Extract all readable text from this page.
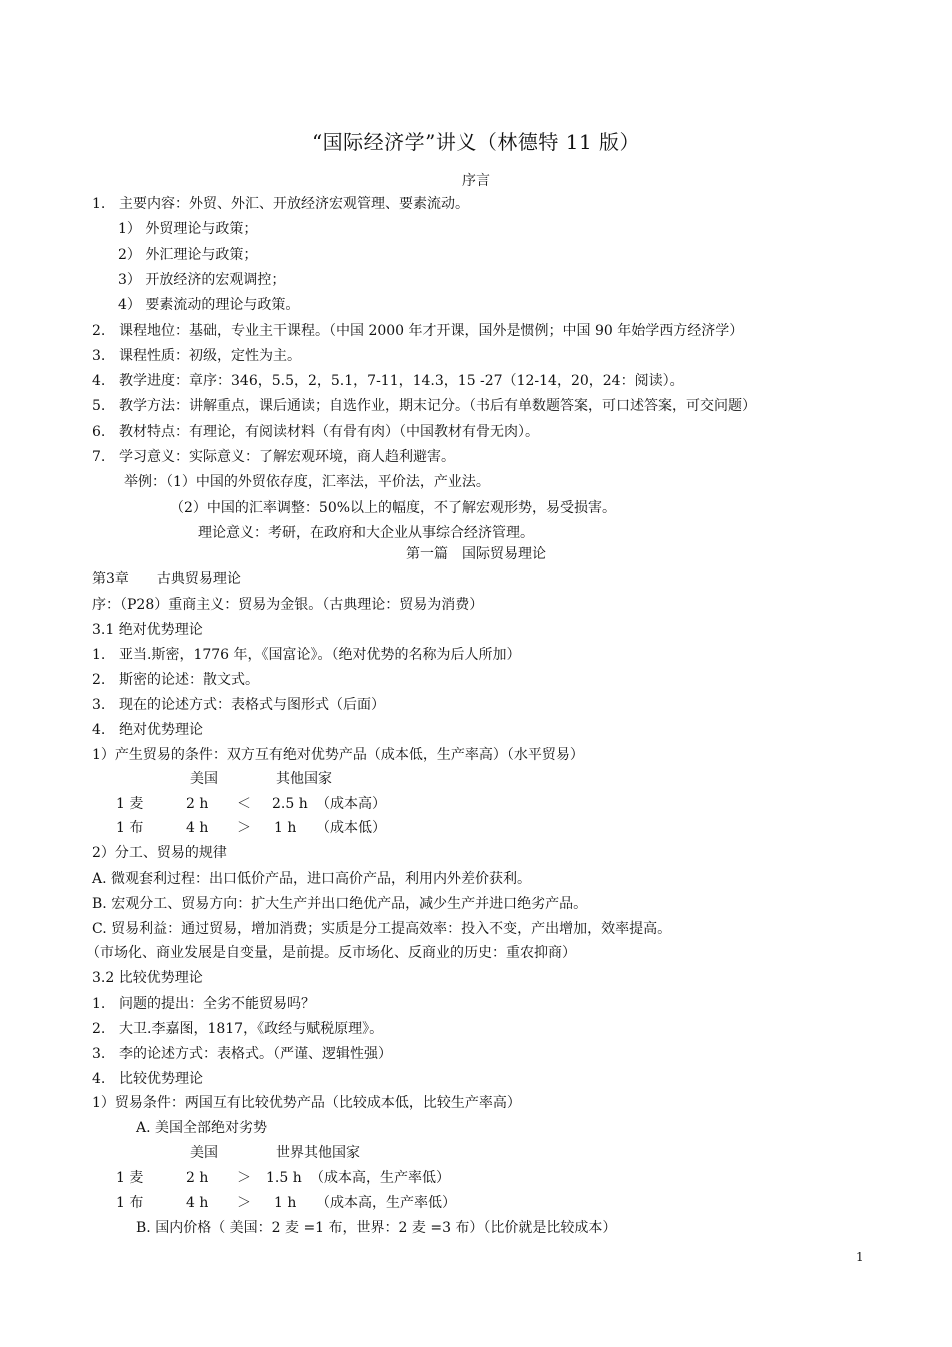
“国际经济学”讲义（林德特 11 版）
序言
1. 主要内容：外贸、外汇、开放经济宏观管理、要素流动。
1） 外贸理论与政策；
2） 外汇理论与政策；
3） 开放经济的宏观调控；
4） 要素流动的理论与政策。
2. 课程地位：基础，专业主干课程。（中国 2000 年才开课，国外是惯例；中国 90 年始学西方经济学）
3. 课程性质：初级，定性为主。
4. 教学进度：章序：346，5.5，2，5.1，7-11，14.3，15 -27（12-14，20，24：阅读）。
5. 教学方法：讲解重点，课后通读；自选作业，期末记分。（书后有单数题答案，可口述答案，可交问题）
6. 教材特点：有理论，有阅读材料（有骨有肉）（中国教材有骨无肉）。
7. 学习意义：实际意义：了解宏观环境，商人趋利避害。
举例：（1）中国的外贸依存度，汇率法，平价法，产业法。
（2）中国的汇率调整：50%以上的幅度，不了解宏观形势，易受损害。
理论意义：考研，在政府和大企业从事综合经济管理。
第一篇　国际贸易理论
第3章　　古典贸易理论
序：（P28）重商主义：贸易为金银。（古典理论：贸易为消费）
3.1 绝对优势理论
1. 亚当.斯密，1776 年，《国富论》。（绝对优势的名称为后人所加）
2. 斯密的论述：散文式。
3. 现在的论述方式：表格式与图形式（后面）
4. 绝对优势理论
1）产生贸易的条件：双方互有绝对优势产品（成本低，生产率高）（水平贸易）
美国	其他国家
1 麦	2 h ＜ 2.5 h （成本高）
1 布	4 h ＞ 1 h （成本低）
2）分工、贸易的规律
A. 微观套利过程：出口低价产品，进口高价产品，利用内外差价获利。
B. 宏观分工、贸易方向：扩大生产并出口绝优产品，减少生产并进口绝劣产品。
C. 贸易利益：通过贸易，增加消费；实质是分工提高效率：投入不变，产出增加，效率提高。
（市场化、商业发展是自变量，是前提。反市场化、反商业的历史：重农抑商）
3.2 比较优势理论
1. 问题的提出：全劣不能贸易吗？
2. 大卫.李嘉图，1817，《政经与赋税原理》。
3. 李的论述方式：表格式。（严谨、逻辑性强）
4. 比较优势理论
1）贸易条件：两国互有比较优势产品（比较成本低，比较生产率高）
A. 美国全部绝对劣势
美国	世界其他国家
1 麦	2 h ＞ 1.5 h （成本高，生产率低）
1 布	4 h ＞ 1 h （成本高，生产率低）
B. 国内价格（ 美国：2 麦 =1 布，世界：2 麦 =3 布）（比价就是比较成本）
1
